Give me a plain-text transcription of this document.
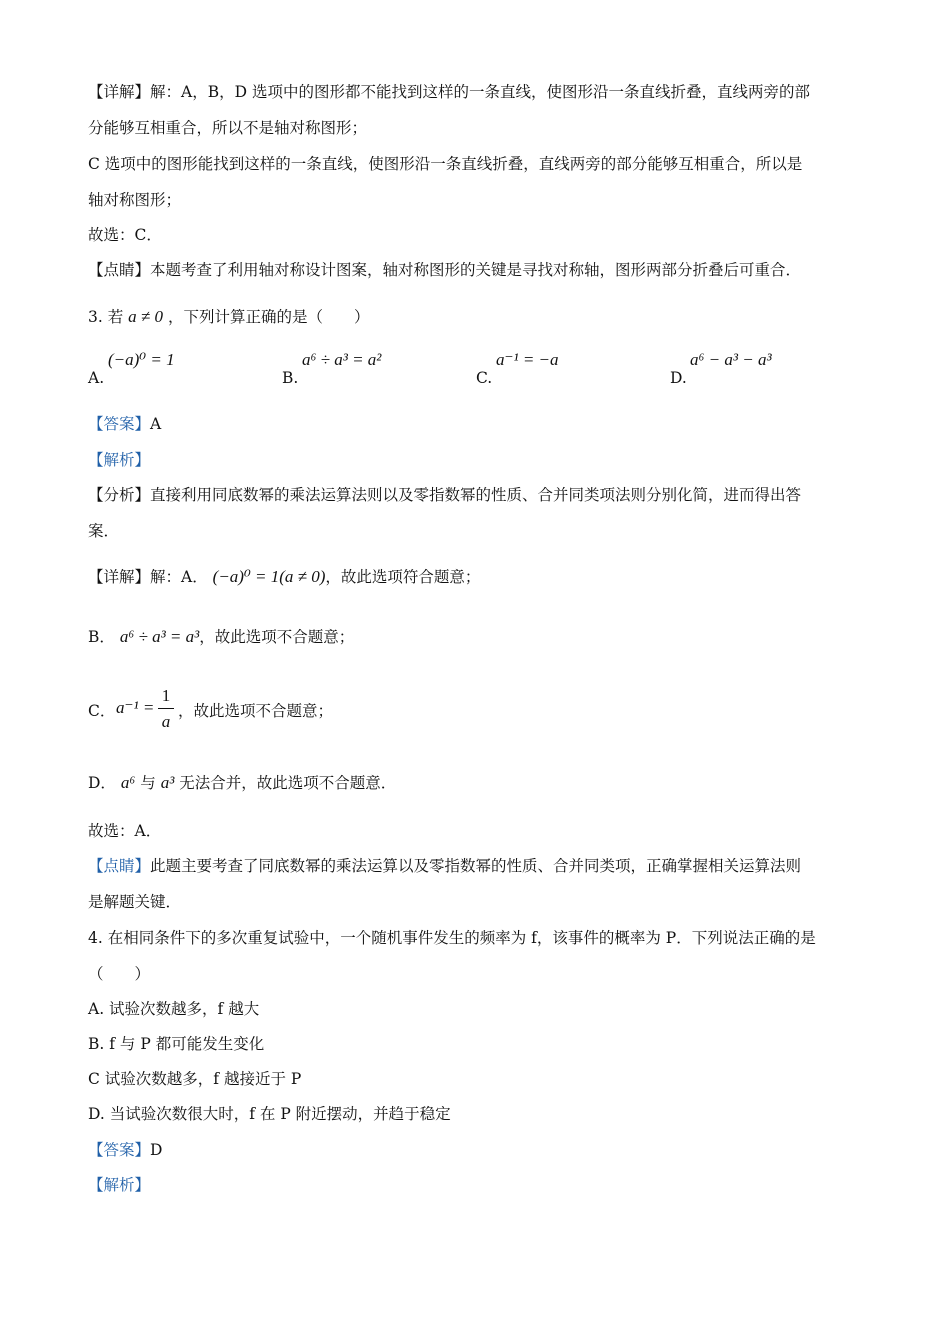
【详解】解：A，B，D 选项中的图形都不能找到这样的一条直线，使图形沿一条直线折叠，直线两旁的部
分能够互相重合，所以不是轴对称图形；
C 选项中的图形能找到这样的一条直线，使图形沿一条直线折叠，直线两旁的部分能够互相重合，所以是
轴对称图形；
故选：C．
【点睛】本题考查了利用轴对称设计图案，轴对称图形的关键是寻找对称轴，图形两部分折叠后可重合．
3. 若 a ≠ 0 ，下列计算正确的是（　　）
A.
(−a)⁰ = 1
B.
a⁶ ÷ a³ = a²
C.
a⁻¹ = −a
D.
a⁶ − a³ − a³
【答案】A
【解析】
【分析】直接利用同底数幂的乘法运算法则以及零指数幂的性质、合并同类项法则分别化简，进而得出答
案．
【详解】解：A． (−a)⁰ = 1(a ≠ 0)，故此选项符合题意；
B． a⁶ ÷ a³ = a³，故此选项不合题意；
C． a⁻¹ =
1
a
，故此选项不合题意；
D． a⁶ 与 a³ 无法合并，故此选项不合题意．
故选：A．
【点睛】此题主要考查了同底数幂的乘法运算以及零指数幂的性质、合并同类项，正确掌握相关运算法则
是解题关键．
4. 在相同条件下的多次重复试验中，一个随机事件发生的频率为 f，该事件的概率为 P．下列说法正确的是
（　　）
A. 试验次数越多，f 越大
B. f 与 P 都可能发生变化
C 试验次数越多，f 越接近于 P
D. 当试验次数很大时，f 在 P 附近摆动，并趋于稳定
【答案】D
【解析】
